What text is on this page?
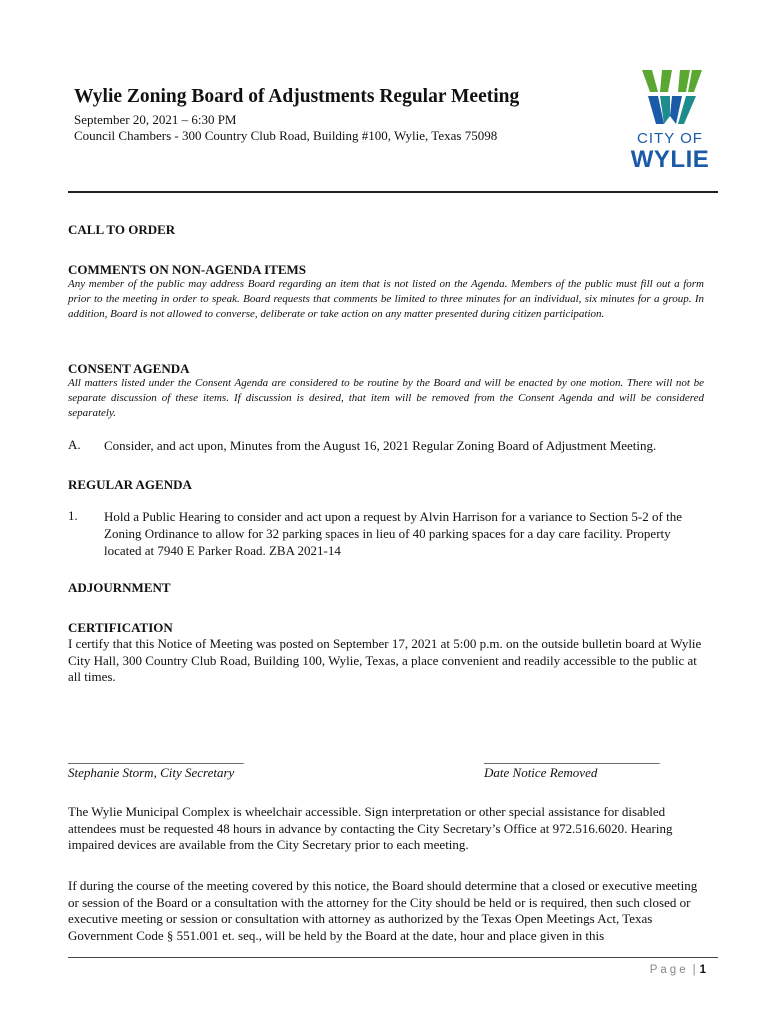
CITY OF
WYLIE
Wylie Zoning Board of Adjustments Regular Meeting
September 20, 2021 – 6:30 PM
Council Chambers - 300 Country Club Road, Building #100, Wylie, Texas 75098
CALL TO ORDER
COMMENTS ON NON-AGENDA ITEMS
Any member of the public may address Board regarding an item that is not listed on the Agenda. Members of the public must fill out a form prior to the meeting in order to speak. Board requests that comments be limited to three minutes for an individual, six minutes for a group. In addition, Board is not allowed to converse, deliberate or take action on any matter presented during citizen participation.
CONSENT AGENDA
All matters listed under the Consent Agenda are considered to be routine by the Board and will be enacted by one motion. There will not be separate discussion of these items. If discussion is desired, that item will be removed from the Consent Agenda and will be considered separately.
A. Consider, and act upon, Minutes from the August 16, 2021 Regular Zoning Board of Adjustment Meeting.
REGULAR AGENDA
1. Hold a Public Hearing to consider and act upon a request by Alvin Harrison for a variance to Section 5-2 of the Zoning Ordinance to allow for 32 parking spaces in lieu of 40 parking spaces for a day care facility. Property located at 7940 E Parker Road. ZBA 2021-14
ADJOURNMENT
CERTIFICATION
I certify that this Notice of Meeting was posted on September 17, 2021 at 5:00 p.m. on the outside bulletin board at Wylie City Hall, 300 Country Club Road, Building 100, Wylie, Texas, a place convenient and readily accessible to the public at all times.
___________________________
Stephanie Storm, City Secretary
___________________________
Date Notice Removed
The Wylie Municipal Complex is wheelchair accessible. Sign interpretation or other special assistance for disabled attendees must be requested 48 hours in advance by contacting the City Secretary’s Office at 972.516.6020. Hearing impaired devices are available from the City Secretary prior to each meeting.
If during the course of the meeting covered by this notice, the Board should determine that a closed or executive meeting or session of the Board or a consultation with the attorney for the City should be held or is required, then such closed or executive meeting or session or consultation with attorney as authorized by the Texas Open Meetings Act, Texas Government Code § 551.001 et. seq., will be held by the Board at the date, hour and place given in this
Page | 1
